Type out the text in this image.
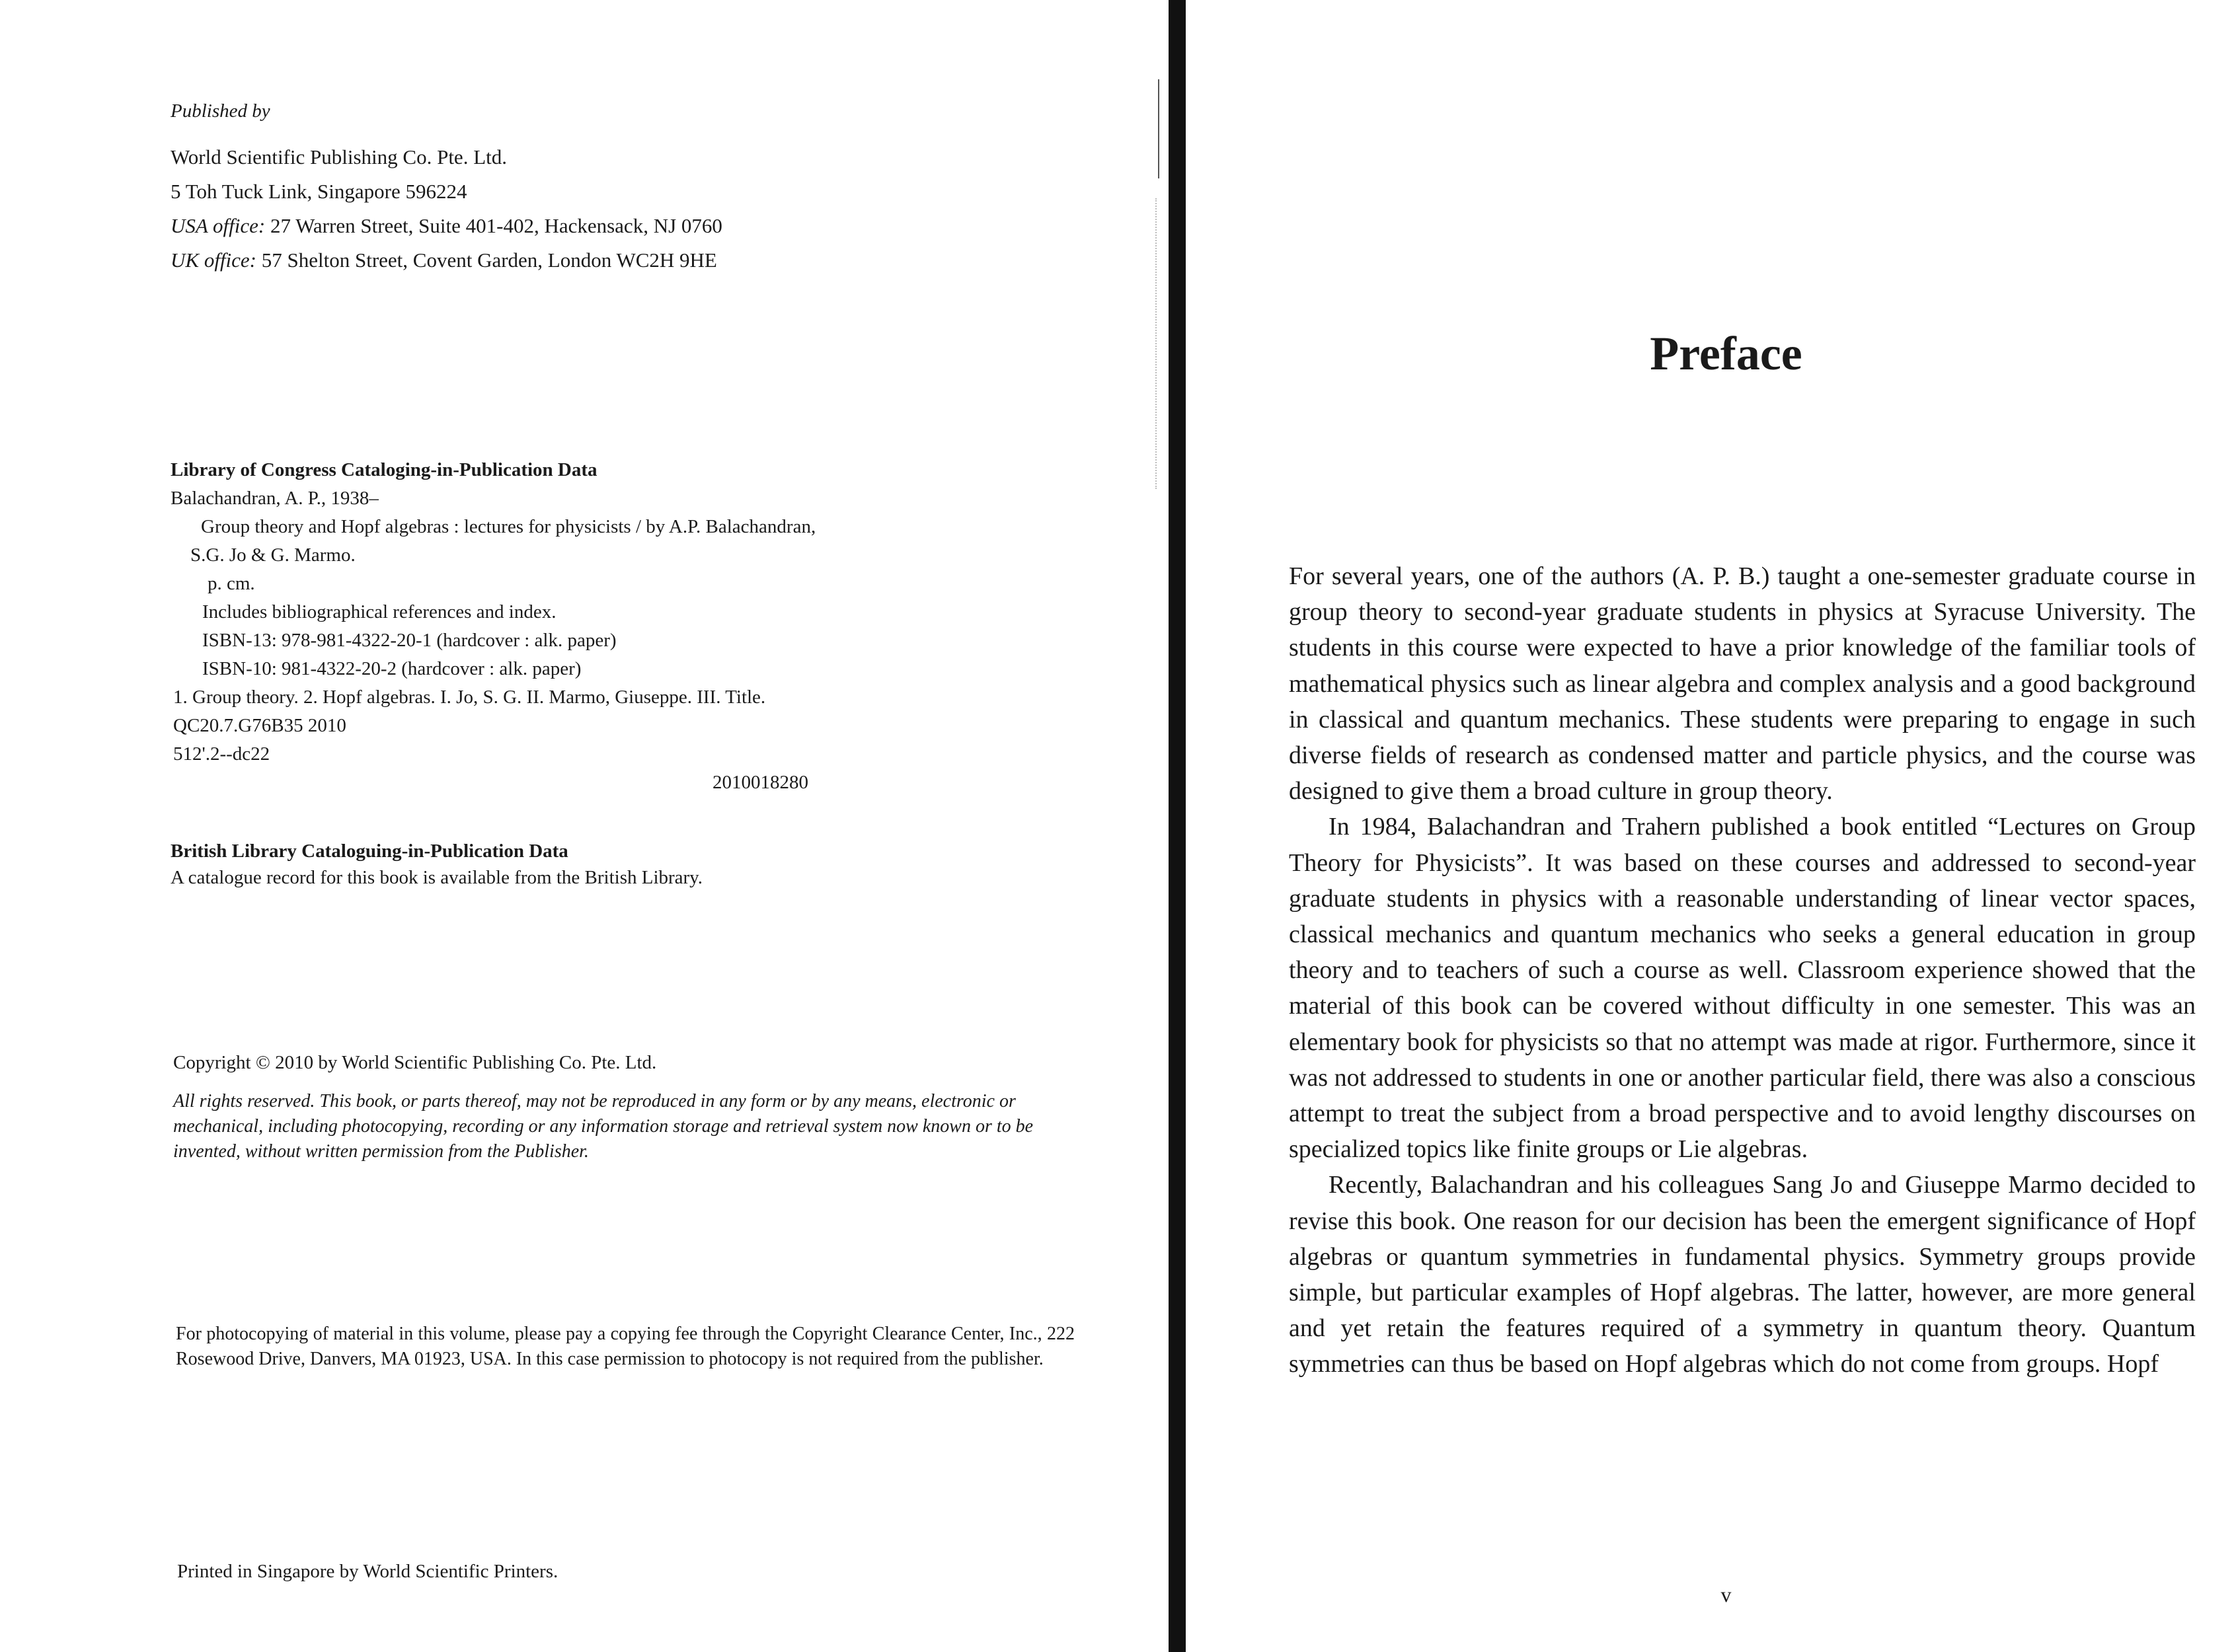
Published by
World Scientific Publishing Co. Pte. Ltd.
5 Toh Tuck Link, Singapore 596224
USA office: 27 Warren Street, Suite 401-402, Hackensack, NJ 0760
UK office: 57 Shelton Street, Covent Garden, London WC2H 9HE
Library of Congress Cataloging-in-Publication Data
Balachandran, A. P., 1938–
Group theory and Hopf algebras : lectures for physicists / by A.P. Balachandran,
S.G. Jo & G. Marmo.
p. cm.
Includes bibliographical references and index.
ISBN-13: 978-981-4322-20-1 (hardcover : alk. paper)
ISBN-10: 981-4322-20-2 (hardcover : alk. paper)
1. Group theory. 2. Hopf algebras. I. Jo, S. G. II. Marmo, Giuseppe. III. Title.
QC20.7.G76B35 2010
512'.2--dc22
2010018280
British Library Cataloguing-in-Publication Data
A catalogue record for this book is available from the British Library.
Copyright © 2010 by World Scientific Publishing Co. Pte. Ltd.
All rights reserved. This book, or parts thereof, may not be reproduced in any form or by any means, electronic or mechanical, including photocopying, recording or any information storage and retrieval system now known or to be invented, without written permission from the Publisher.
For photocopying of material in this volume, please pay a copying fee through the Copyright Clearance Center, Inc., 222 Rosewood Drive, Danvers, MA 01923, USA. In this case permission to photocopy is not required from the publisher.
Printed in Singapore by World Scientific Printers.
Preface

For several years, one of the authors (A. P. B.) taught a one-semester graduate course in group theory to second-year graduate students in physics at Syracuse University. The students in this course were expected to have a prior knowledge of the familiar tools of mathematical physics such as linear algebra and complex analysis and a good background in classical and quantum mechanics. These students were preparing to engage in such diverse fields of research as condensed matter and particle physics, and the course was designed to give them a broad culture in group theory.

In 1984, Balachandran and Trahern published a book entitled “Lectures on Group Theory for Physicists”. It was based on these courses and addressed to second-year graduate students in physics with a reasonable understanding of linear vector spaces, classical mechanics and quantum mechanics who seeks a general education in group theory and to teachers of such a course as well. Classroom experience showed that the material of this book can be covered without difficulty in one semester. This was an elementary book for physicists so that no attempt was made at rigor. Furthermore, since it was not addressed to students in one or another particular field, there was also a conscious attempt to treat the subject from a broad perspective and to avoid lengthy discourses on specialized topics like finite groups or Lie algebras.

Recently, Balachandran and his colleagues Sang Jo and Giuseppe Marmo decided to revise this book. One reason for our decision has been the emergent significance of Hopf algebras or quantum symmetries in fundamental physics. Symmetry groups provide simple, but particular examples of Hopf algebras. The latter, however, are more general and yet retain the features required of a symmetry in quantum theory. Quantum symmetries can thus be based on Hopf algebras which do not come from groups. Hopf

v
